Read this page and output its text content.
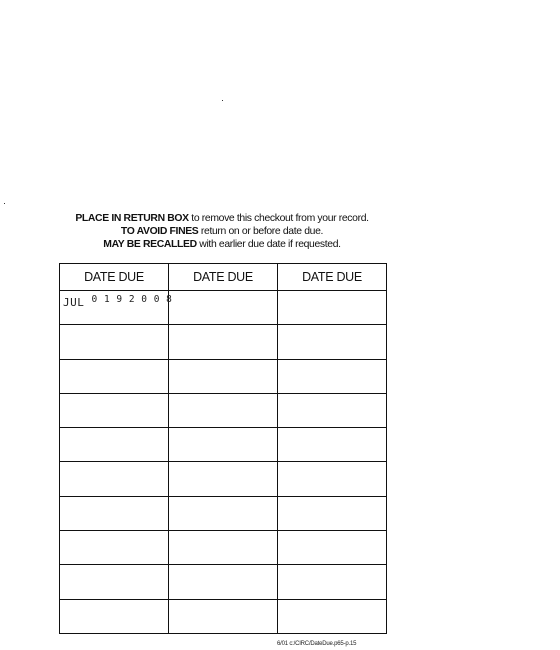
PLACE IN RETURN BOX to remove this checkout from your record.
TO AVOID FINES return on or before date due.
MAY BE RECALLED with earlier due date if requested.
DATE DUE	DATE DUE	DATE DUE

JUL 0 1 9 2 0 0 8		

6/01 c:/CIRC/DateDue.p65-p.15
